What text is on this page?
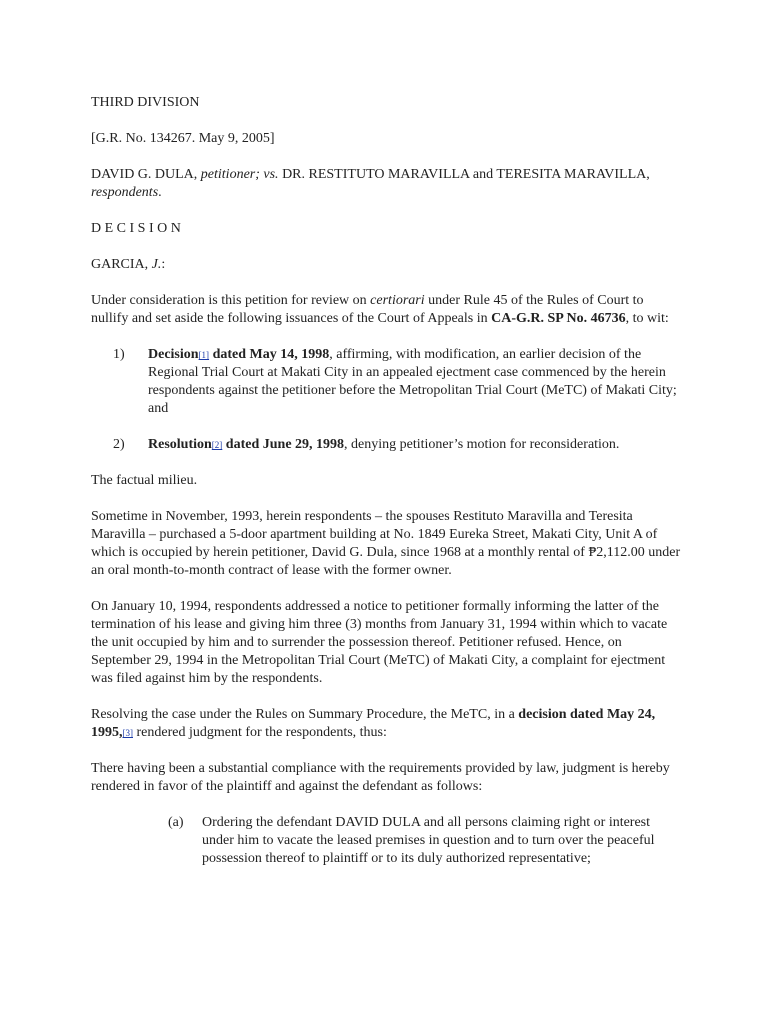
THIRD DIVISION

[G.R. No. 134267. May 9, 2005]

DAVID G. DULA, petitioner; vs. DR. RESTITUTO MARAVILLA and TERESITA MARAVILLA, respondents.

D E C I S I O N

GARCIA, J.:

Under consideration is this petition for review on certiorari under Rule 45 of the Rules of Court to nullify and set aside the following issuances of the Court of Appeals in CA-G.R. SP No. 46736, to wit:

1) Decision[1] dated May 14, 1998, affirming, with modification, an earlier decision of the Regional Trial Court at Makati City in an appealed ejectment case commenced by the herein respondents against the petitioner before the Metropolitan Trial Court (MeTC) of Makati City; and
2) Resolution[2] dated June 29, 1998, denying petitioner’s motion for reconsideration.

The factual milieu.

Sometime in November, 1993, herein respondents – the spouses Restituto Maravilla and Teresita Maravilla – purchased a 5-door apartment building at No. 1849 Eureka Street, Makati City, Unit A of which is occupied by herein petitioner, David G. Dula, since 1968 at a monthly rental of ₱2,112.00 under an oral month-to-month contract of lease with the former owner.

On January 10, 1994, respondents addressed a notice to petitioner formally informing the latter of the termination of his lease and giving him three (3) months from January 31, 1994 within which to vacate the unit occupied by him and to surrender the possession thereof. Petitioner refused. Hence, on September 29, 1994 in the Metropolitan Trial Court (MeTC) of Makati City, a complaint for ejectment was filed against him by the respondents.

Resolving the case under the Rules on Summary Procedure, the MeTC, in a decision dated May 24, 1995,[3] rendered judgment for the respondents, thus:

There having been a substantial compliance with the requirements provided by law, judgment is hereby rendered in favor of the plaintiff and against the defendant as follows:

(a) Ordering the defendant DAVID DULA and all persons claiming right or interest under him to vacate the leased premises in question and to turn over the peaceful possession thereof to plaintiff or to its duly authorized representative;
